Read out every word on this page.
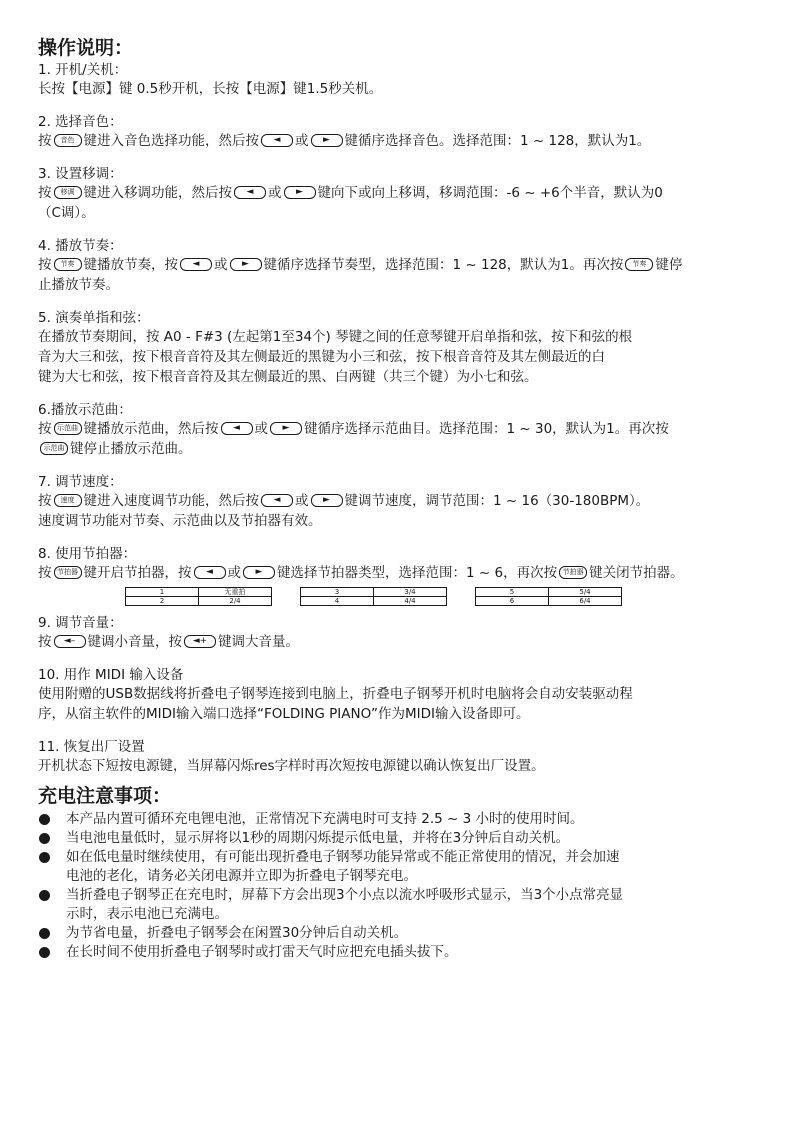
操作说明：
1. 开机/关机：
长按【电源】键 0.5秒开机，长按【电源】键1.5秒关机。
2. 选择音色：
按 音色 键进入音色选择功能，然后按 ◄ 或 ► 键循序选择音色。选择范围：1 ~ 128，默认为1。
3. 设置移调：
按 移调 键进入移调功能，然后按 ◄ 或 ► 键向下或向上移调，移调范围：-6 ~ +6个半音，默认为0
（C调）。
4. 播放节奏：
按 节奏 键播放节奏，按 ◄ 或 ► 键循序选择节奏型，选择范围：1 ~ 128，默认为1。再次按 节奏 键停
止播放节奏。
5. 演奏单指和弦：
在播放节奏期间，按 A0 - F#3 (左起第1至34个) 琴键之间的任意琴键开启单指和弦，按下和弦的根
音为大三和弦，按下根音音符及其左侧最近的黑键为小三和弦，按下根音音符及其左侧最近的白
键为大七和弦，按下根音音符及其左侧最近的黑、白两键（共三个键）为小七和弦。
6.播放示范曲：
按 示范曲 键播放示范曲，然后按 ◄ 或 ► 键循序选择示范曲目。选择范围：1 ~ 30，默认为1。再次按
示范曲 键停止播放示范曲。
7. 调节速度：
按 速度 键进入速度调节功能，然后按 ◄ 或 ► 键调节速度，调节范围：1 ~ 16（30-180BPM）。
速度调节功能对节奏、示范曲以及节拍器有效。
8. 使用节拍器：
按 节拍器 键开启节拍器，按 ◄ 或 ► 键选择节拍器类型，选择范围：1 ~ 6，再次按 节拍器 键关闭节拍器。
1	无重拍
2	2/4
3	3/4
4	4/4
5	5/4
6	6/4
9. 调节音量：
按 ◄– 键调小音量，按 ◄+ 键调大音量。
10. 用作 MIDI 输入设备
使用附赠的USB数据线将折叠电子钢琴连接到电脑上，折叠电子钢琴开机时电脑将会自动安装驱动程
序，从宿主软件的MIDI输入端口选择“FOLDING PIANO”作为MIDI输入设备即可。
11. 恢复出厂设置
开机状态下短按电源键，当屏幕闪烁res字样时再次短按电源键以确认恢复出厂设置。
充电注意事项：
本产品内置可循环充电锂电池，正常情况下充满电时可支持 2.5 ~ 3 小时的使用时间。
当电池电量低时，显示屏将以1秒的周期闪烁提示低电量，并将在3分钟后自动关机。
如在低电量时继续使用，有可能出现折叠电子钢琴功能异常或不能正常使用的情况，并会加速
电池的老化，请务必关闭电源并立即为折叠电子钢琴充电。
当折叠电子钢琴正在充电时，屏幕下方会出现3个小点以流水呼吸形式显示，当3个小点常亮显
示时，表示电池已充满电。
为节省电量，折叠电子钢琴会在闲置30分钟后自动关机。
在长时间不使用折叠电子钢琴时或打雷天气时应把充电插头拔下。
